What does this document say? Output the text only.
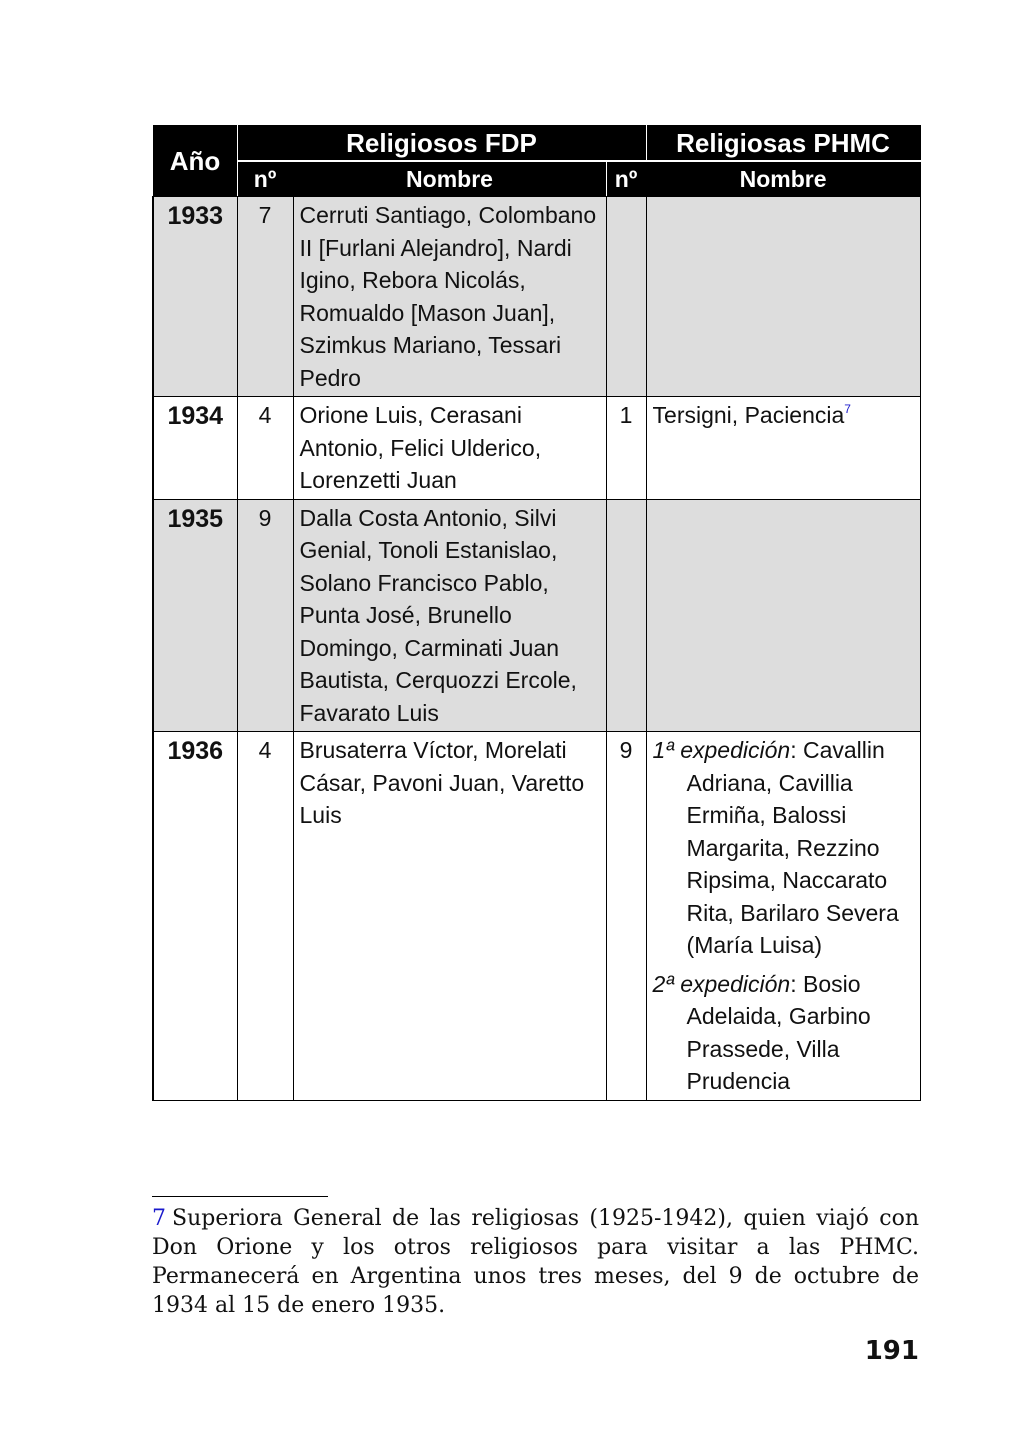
Año	Religiosos FDP			Religiosas PHMC
	nº	Nombre	nº	Nombre
1933	7	Cerruti Santiago, Colombano II [Furlani Alejandro], Nardi Igino, Rebora Nicolás, Romualdo [Mason Juan], Szimkus Mariano, Tessari Pedro		
1934	4	Orione Luis, Cerasani Antonio, Felici Ulderico, Lorenzetti Juan	1	Tersigni, Paciencia$^7$
1935	9	Dalla Costa Antonio, Silvi Genial, Tonoli Estanislao, Solano Francisco Pablo, Punta José, Brunello Domingo, Carminati Juan Bautista, Cerquozzi Ercole, Favarato Luis		
1936	4	Brusaterra Víctor, Morelati Cásar, Pavoni Juan, Varetto Luis	9	1ª expedición: Cavallin Adriana, Cavillia Ermiña, Balossi Margarita, Rezzino Ripsima, Naccarato Rita, Barilaro Severa (María Luisa)

2ª expedición: Bosio Adelaida, Garbino Prassede, Villa Prudencia

7 Superiora General de las religiosas (1925-1942), quien viajó con Don Orione y los otros religiosos para visitar a las PHMC. Permanecerá en Argentina unos tres meses, del 9 de octubre de 1934 al 15 de enero 1935.

191
